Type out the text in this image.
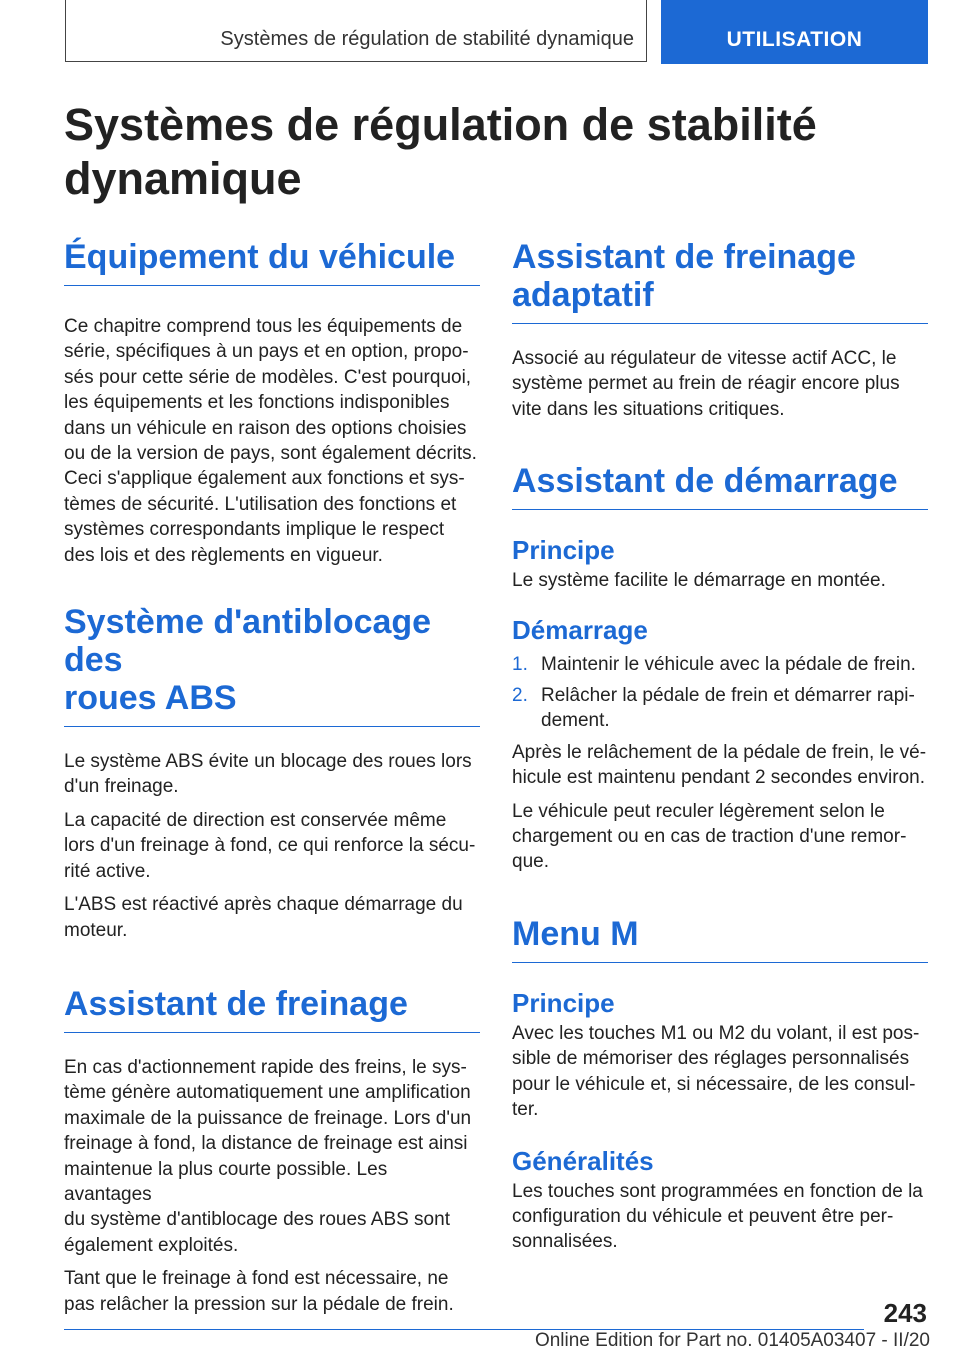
Systèmes de régulation de stabilité dynamique	UTILISATION
Systèmes de régulation de stabilité
dynamique
Équipement du véhicule

Ce chapitre comprend tous les équipements de
série, spécifiques à un pays et en option, propo-
sés pour cette série de modèles. C'est pourquoi,
les équipements et les fonctions indisponibles
dans un véhicule en raison des options choisies
ou de la version de pays, sont également décrits.
Ceci s'applique également aux fonctions et sys-
tèmes de sécurité. L'utilisation des fonctions et
systèmes correspondants implique le respect
des lois et des règlements en vigueur.

Système d'antiblocage des
roues ABS

Le système ABS évite un blocage des roues lors
d'un freinage.

La capacité de direction est conservée même
lors d'un freinage à fond, ce qui renforce la sécu-
rité active.

L'ABS est réactivé après chaque démarrage du
moteur.

Assistant de freinage

En cas d'actionnement rapide des freins, le sys-
tème génère automatiquement une amplification
maximale de la puissance de freinage. Lors d'un
freinage à fond, la distance de freinage est ainsi
maintenue la plus courte possible. Les avantages
du système d'antiblocage des roues ABS sont
également exploités.

Tant que le freinage à fond est nécessaire, ne
pas relâcher la pression sur la pédale de frein.

Assistant de freinage
adaptatif

Associé au régulateur de vitesse actif ACC, le
système permet au frein de réagir encore plus
vite dans les situations critiques.

Assistant de démarrage
Principe

Le système facilite le démarrage en montée.

Démarrage
1. Maintenir le véhicule avec la pédale de frein.
2. Relâcher la pédale de frein et démarrer rapi-
dement.

Après le relâchement de la pédale de frein, le vé-
hicule est maintenu pendant 2 secondes environ.

Le véhicule peut reculer légèrement selon le
chargement ou en cas de traction d'une remor-
que.

Menu M
Principe

Avec les touches M1 ou M2 du volant, il est pos-
sible de mémoriser des réglages personnalisés
pour le véhicule et, si nécessaire, de les consul-
ter.

Généralités

Les touches sont programmées en fonction de la
configuration du véhicule et peuvent être per-
sonnalisées.

243
Online Edition for Part no. 01405A03407 - II/20
